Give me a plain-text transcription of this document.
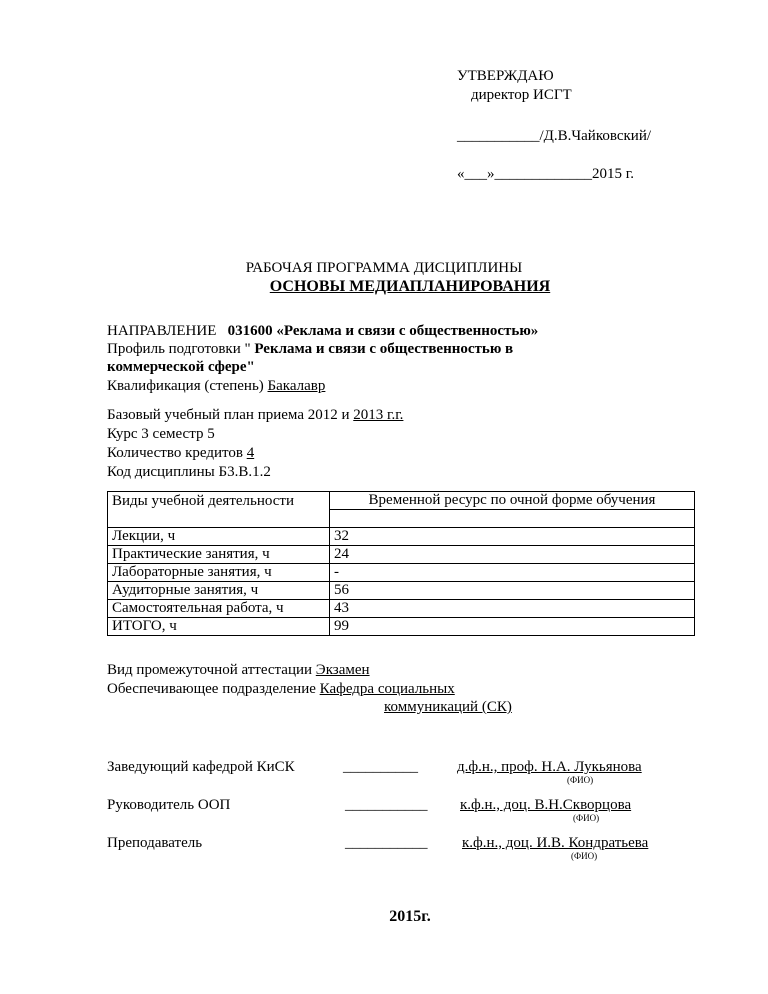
УТВЕРЖДАЮ
директор ИСГТ
___________/Д.В.Чайковский/
«___»_____________2015 г.
РАБОЧАЯ ПРОГРАММА ДИСЦИПЛИНЫ
ОСНОВЫ МЕДИАПЛАНИРОВАНИЯ
НАПРАВЛЕНИЕ 031600 «Реклама и связи с общественностью»
Профиль подготовки " Реклама и связи с общественностью в
коммерческой сфере"
Квалификация (степень) Бакалавр
Базовый учебный план приема 2012 и 2013 г.г.
Курс 3 семестр 5
Количество кредитов 4
Код дисциплины Б3.В.1.2
Виды учебной деятельности	Временной ресурс по очной форме обучения

Лекции, ч	32
Практические занятия, ч	24
Лабораторные занятия, ч	-
Аудиторные занятия, ч	56
Самостоятельная работа, ч	43
ИТОГО, ч	99
Вид промежуточной аттестации Экзамен
Обеспечивающее подразделение Кафедра социальных
коммуникаций (СК)
Заведующий кафедрой КиСК	__________	д.ф.н., проф. Н.А. Лукьянова
(ФИО)
Руководитель ООП	___________ к.ф.н., доц. В.Н.Скворцова
(ФИО)
Преподаватель	___________ к.ф.н., доц. И.В. Кондратьева
(ФИО)
2015г.
